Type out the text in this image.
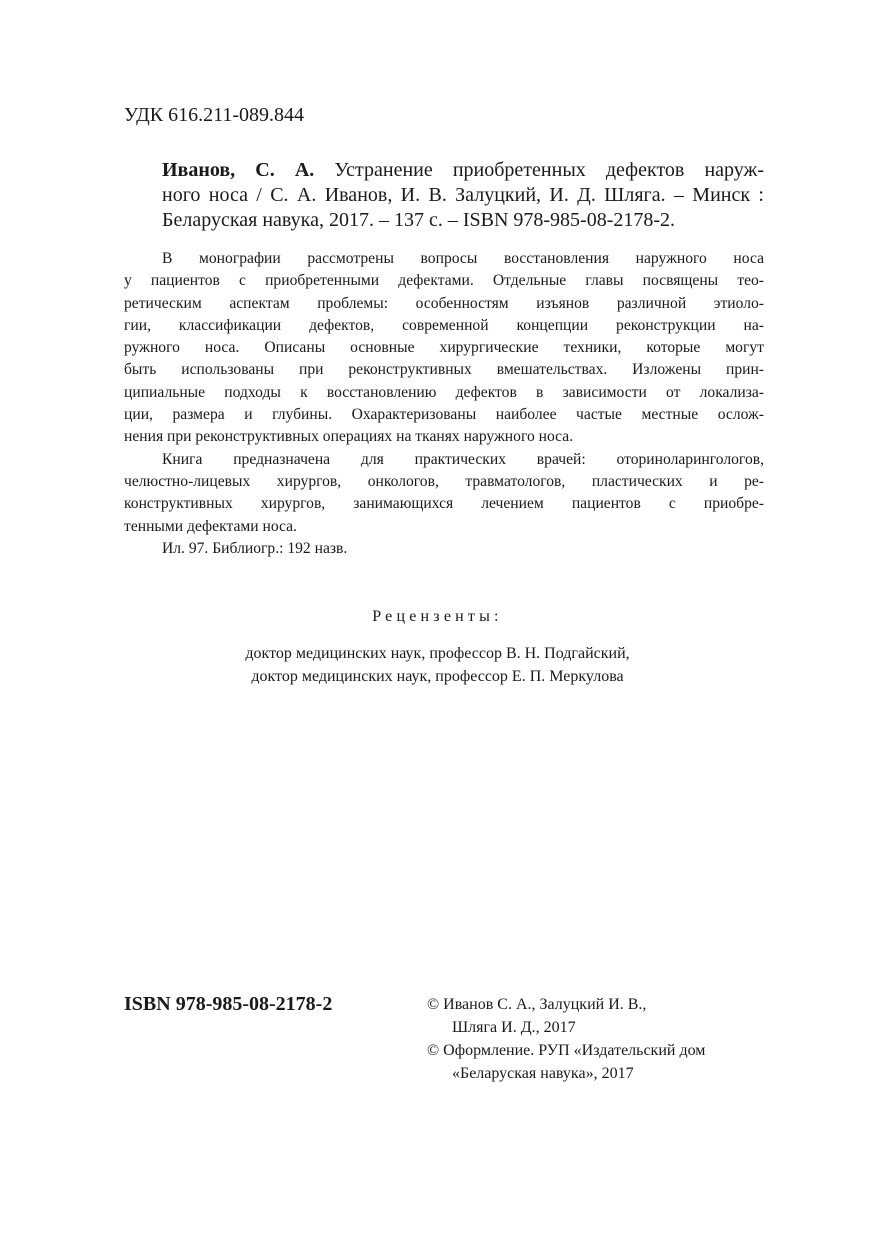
УДК 616.211-089.844
Иванов, С. А. Устранение приобретенных дефектов наруж-
ного носа / С. А. Иванов, И. В. Залуцкий, И. Д. Шляга. – Минск :
Беларуская навука, 2017. – 137 с. – ISBN 978-985-08-2178-2.
В монографии рассмотрены вопросы восстановления наружного носа
у пациентов с приобретенными дефектами. Отдельные главы посвящены тео-
ретическим аспектам проблемы: особенностям изъянов различной этиоло-
гии, классификации дефектов, современной концепции реконструкции на-
ружного носа. Описаны основные хирургические техники, которые могут
быть использованы при реконструктивных вмешательствах. Изложены прин-
ципиальные подходы к восстановлению дефектов в зависимости от локализа-
ции, размера и глубины. Охарактеризованы наиболее частые местные ослож-
нения при реконструктивных операциях на тканях наружного носа.
Книга предназначена для практических врачей: оториноларингологов,
челюстно-лицевых хирургов, онкологов, травматологов, пластических и ре-
конструктивных хирургов, занимающихся лечением пациентов с приобре-
тенными дефектами носа.
Ил. 97. Библиогр.: 192 назв.
Рецензенты:
доктор медицинских наук, профессор В. Н. Подгайский,
доктор медицинских наук, профессор Е. П. Меркулова
ISBN 978-985-08-2178-2	© Иванов С. А., Залуцкий И. В.,
Шляга И. Д., 2017
© Оформление. РУП «Издательский дом
«Беларуская навука», 2017
